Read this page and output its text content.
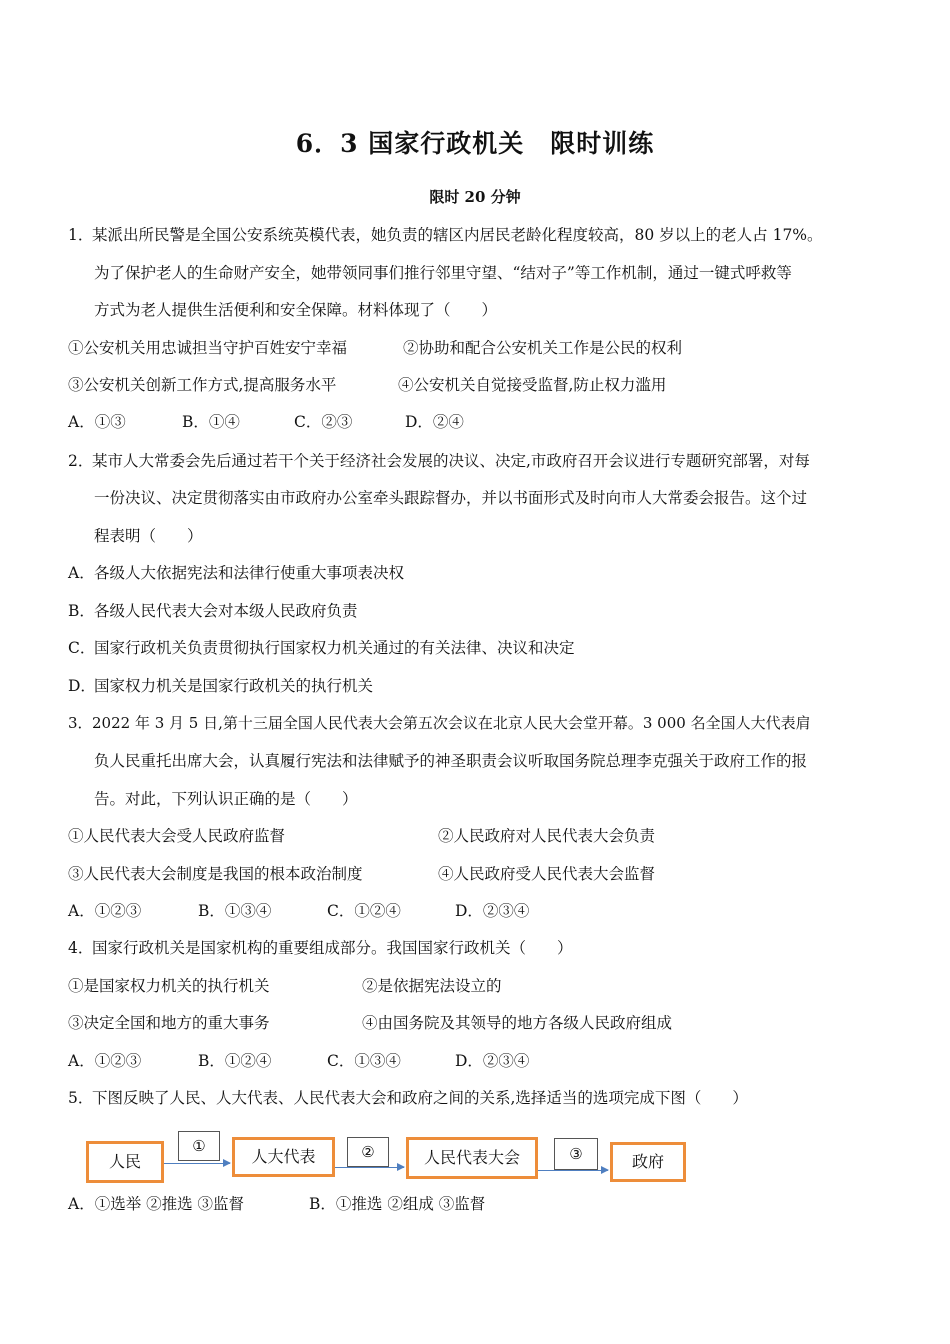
6．3 国家行政机关　限时训练
限时 20 分钟
1．某派出所民警是全国公安系统英模代表，她负责的辖区内居民老龄化程度较高，80 岁以上的老人占 17%。
为了保护老人的生命财产安全，她带领同事们推行邻里守望、“结对子”等工作机制，通过一键式呼救等
方式为老人提供生活便利和安全保障。材料体现了（　　）
①公安机关用忠诚担当守护百姓安宁幸福	②协助和配合公安机关工作是公民的权利
③公安机关创新工作方式,提高服务水平	④公安机关自觉接受监督,防止权力滥用
A．①③	B．①④	C．②③	D．②④
2．某市人大常委会先后通过若干个关于经济社会发展的决议、决定,市政府召开会议进行专题研究部署，对每
一份决议、决定贯彻落实由市政府办公室牵头跟踪督办，并以书面形式及时向市人大常委会报告。这个过
程表明（　　）
A．各级人大依据宪法和法律行使重大事项表决权
B．各级人民代表大会对本级人民政府负责
C．国家行政机关负责贯彻执行国家权力机关通过的有关法律、决议和决定
D．国家权力机关是国家行政机关的执行机关
3．2022 年 3 月 5 日,第十三届全国人民代表大会第五次会议在北京人民大会堂开幕。3 000 名全国人大代表肩
负人民重托出席大会，认真履行宪法和法律赋予的神圣职责会议听取国务院总理李克强关于政府工作的报
告。对此，下列认识正确的是（　　）
①人民代表大会受人民政府监督	②人民政府对人民代表大会负责
③人民代表大会制度是我国的根本政治制度	④人民政府受人民代表大会监督
A．①②③	B．①③④	C．①②④	D．②③④
4．国家行政机关是国家机构的重要组成部分。我国国家行政机关（　　）
①是国家权力机关的执行机关	②是依据宪法设立的
③决定全国和地方的重大事务	④由国务院及其领导的地方各级人民政府组成
A．①②③	B．①②④	C．①③④	D．②③④
5．下图反映了人民、人大代表、人民代表大会和政府之间的关系,选择适当的选项完成下图（　　）
人民	人大代表	人民代表大会	政府
①	②	③
A．①选举 ②推选 ③监督	B．①推选 ②组成 ③监督
